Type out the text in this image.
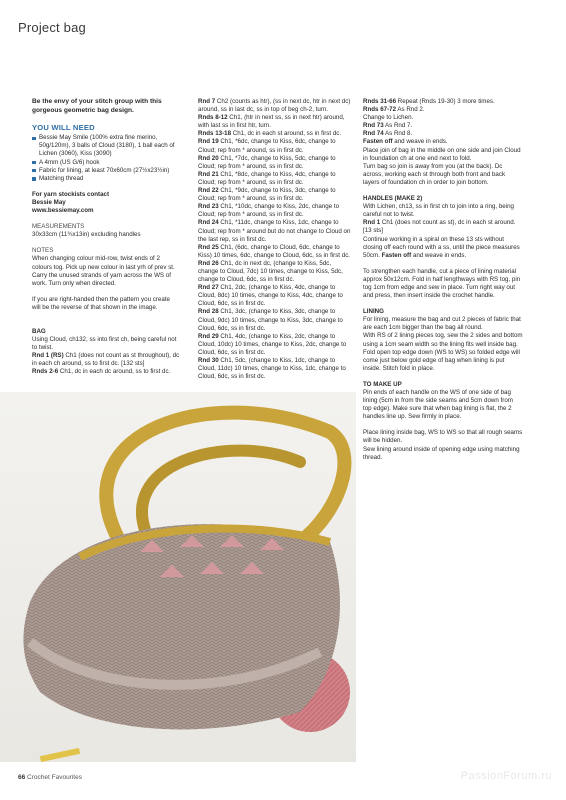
Project bag

Be the envy of your stitch group with this gorgeous geometric bag design.

YOU WILL NEED

Bessie May Smile (100% extra fine merino, 50g/120m), 3 balls of Cloud (3180), 1 ball each of Lichen (3060), Kiss (3090)
A 4mm (US G/6) hook
Fabric for lining, at least 70x60cm (27½x23½in)
Matching thread

For yarn stockists contact

Bessie May

www.bessiemay.com

MEASUREMENTS

30x33cm (11¾x13in) excluding handles

NOTES

When changing colour mid-row, twist ends of 2 colours tog. Pick up new colour in last yrh of prev st. Carry the unused strands of yarn across the WS of work. Turn only when directed.

If you are right-handed then the pattern you create will be the reverse of that shown in the image.

BAG

Using Cloud, ch132, ss into first ch, being careful not to twist.

Rnd 1 (RS) Ch1 (does not count as st throughout), dc in each ch around, ss to first dc. [132 sts]

Rnds 2-6 Ch1, dc in each dc around, ss to first dc.

Rnd 7 Ch2 (counts as htr), (ss in next dc, htr in next dc) around, ss in last dc, ss in top of beg ch-2, turn.

Rnds 8-12 Ch1, (htr in next ss, ss in next htr) around, with last ss in first htr, turn.

Rnds 13-18 Ch1, dc in each st around, ss in first dc.

Rnd 19 Ch1, *6dc, change to Kiss, 6dc, change to Cloud; rep from * around, ss in first dc.

Rnd 20 Ch1, *7dc, change to Kiss, 5dc, change to Cloud; rep from * around, ss in first dc.

Rnd 21 Ch1, *8dc, change to Kiss, 4dc, change to Cloud; rep from * around, ss in first dc.

Rnd 22 Ch1, *9dc, change to Kiss, 3dc, change to Cloud; rep from * around, ss in first dc.

Rnd 23 Ch1, *10dc, change to Kiss, 2dc, change to Cloud; rep from * around, ss in first dc.

Rnd 24 Ch1, *11dc, change to Kiss, 1dc, change to Cloud; rep from * around but do not change to Cloud on the last rep, ss in first dc.

Rnd 25 Ch1, (6dc, change to Cloud, 6dc, change to Kiss) 10 times, 6dc, change to Cloud, 6dc, ss in first dc.

Rnd 26 Ch1, dc in next dc, (change to Kiss, 5dc, change to Cloud, 7dc) 10 times, change to Kiss, 5dc, change to Cloud, 6dc, ss in first dc.

Rnd 27 Ch1, 2dc, (change to Kiss, 4dc, change to Cloud, 8dc) 10 times, change to Kiss, 4dc, change to Cloud, 6dc, ss in first dc.

Rnd 28 Ch1, 3dc, (change to Kiss, 3dc, change to Cloud, 9dc) 10 times, change to Kiss, 3dc, change to Cloud, 6dc, ss in first dc.

Rnd 29 Ch1, 4dc, (change to Kiss, 2dc, change to Cloud, 10dc) 10 times, change to Kiss, 2dc, change to Cloud, 6dc, ss in first dc.

Rnd 30 Ch1, 5dc, (change to Kiss, 1dc, change to Cloud, 11dc) 10 times, change to Kiss, 1dc, change to Cloud, 6dc, ss in first dc.

Rnds 31-66 Repeat (Rnds 19-30) 3 more times.

Rnds 67-72 As Rnd 2.

Change to Lichen.

Rnd 73 As Rnd 7.

Rnd 74 As Rnd 8.

Fasten off and weave in ends.

Place join of bag in the middle on one side and join Cloud in foundation ch at one end next to fold.

Turn bag so join is away from you (at the back). Dc across, working each st through both front and back layers of foundation ch in order to join bottom.

HANDLES (MAKE 2)

With Lichen, ch13, ss in first ch to join into a ring, being careful not to twist.

Rnd 1 Ch1 (does not count as st), dc in each st around. [13 sts]

Continue working in a spiral on these 13 sts without closing off each round with a ss, until the piece measures 50cm. Fasten off and weave in ends.

To strengthen each handle, cut a piece of lining material approx 50x12cm. Fold in half lengthways with RS tog, pin tog 1cm from edge and sew in place. Turn right way out and press, then insert inside the crochet handle.

LINING

For lining, measure the bag and cut 2 pieces of fabric that are each 1cm bigger than the bag all round.

With RS of 2 lining pieces tog, sew the 2 sides and bottom using a 1cm seam width so the lining fits well inside bag.

Fold open top edge down (WS to WS) so folded edge will come just below gold edge of bag when lining is put inside. Stitch fold in place.

TO MAKE UP

Pin ends of each handle on the WS of one side of bag lining (5cm in from the side seams and 5cm down from top edge). Make sure that when bag lining is flat, the 2 handles line up. Sew firmly in place.

Place lining inside bag, WS to WS so that all rough seams will be hidden.

Sew lining around inside of opening edge using matching thread.

66 Crochet Favourites	PassionForum.ru
